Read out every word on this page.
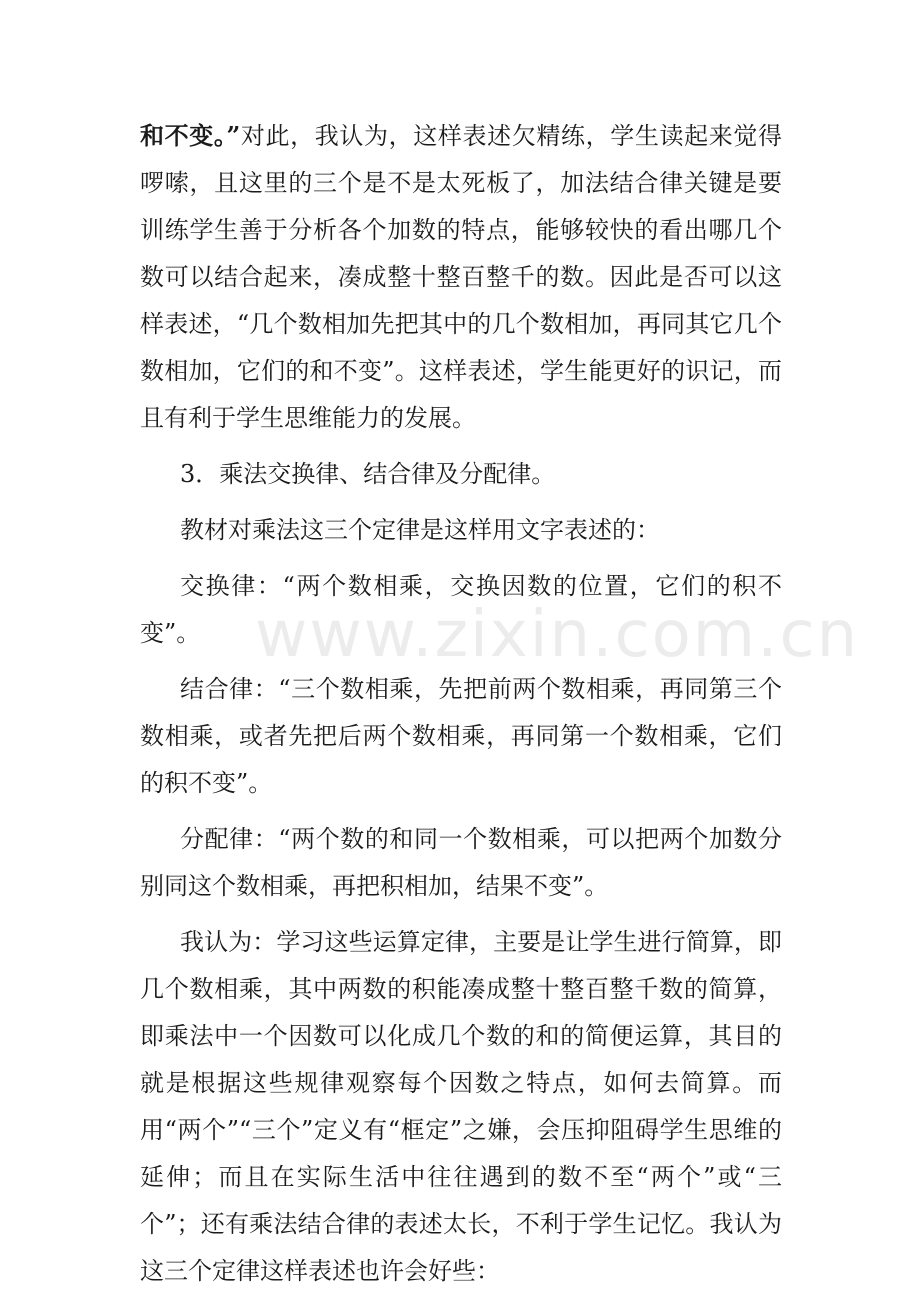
和不变。”对此，我认为，这样表述欠精练，学生读起来觉得啰嗦，且这里的三个是不是太死板了，加法结合律关键是要训练学生善于分析各个加数的特点，能够较快的看出哪几个数可以结合起来，凑成整十整百整千的数。因此是否可以这样表述，“几个数相加先把其中的几个数相加，再同其它几个数相加，它们的和不变”。这样表述，学生能更好的识记，而且有利于学生思维能力的发展。

3．乘法交换律、结合律及分配律。

教材对乘法这三个定律是这样用文字表述的：

交换律：“两个数相乘，交换因数的位置，它们的积不变”。

结合律：“三个数相乘，先把前两个数相乘，再同第三个数相乘，或者先把后两个数相乘，再同第一个数相乘，它们的积不变”。

分配律：“两个数的和同一个数相乘，可以把两个加数分别同这个数相乘，再把积相加，结果不变”。

我认为：学习这些运算定律，主要是让学生进行简算，即几个数相乘，其中两数的积能凑成整十整百整千数的简算，即乘法中一个因数可以化成几个数的和的简便运算，其目的就是根据这些规律观察每个因数之特点，如何去简算。而用“两个”“三个”定义有“框定”之嫌，会压抑阻碍学生思维的延伸；而且在实际生活中往往遇到的数不至“两个”或“三个”；还有乘法结合律的表述太长，不利于学生记忆。我认为这三个定律这样表述也许会好些：

www.zixin.com.cn
